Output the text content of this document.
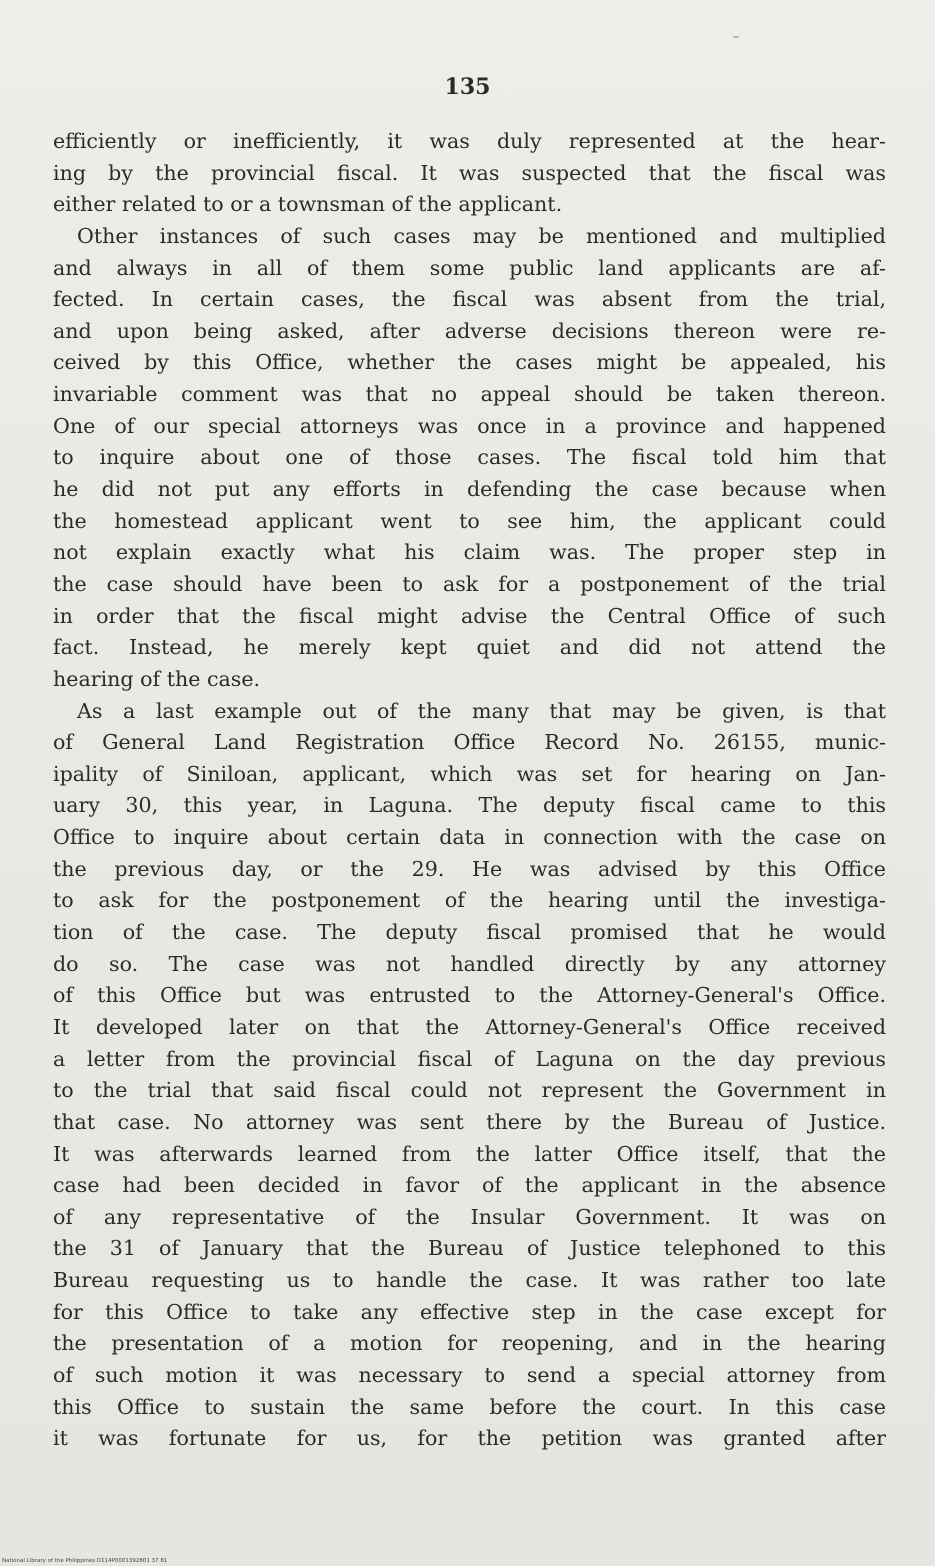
135
efficiently or inefficiently, it was duly represented at the hear-
ing by the provincial fiscal. It was suspected that the fiscal was
either related to or a townsman of the applicant.
Other instances of such cases may be mentioned and multiplied
and always in all of them some public land applicants are af-
fected. In certain cases, the fiscal was absent from the trial,
and upon being asked, after adverse decisions thereon were re-
ceived by this Office, whether the cases might be appealed, his
invariable comment was that no appeal should be taken thereon.
One of our special attorneys was once in a province and happened
to inquire about one of those cases. The fiscal told him that
he did not put any efforts in defending the case because when
the homestead applicant went to see him, the applicant could
not explain exactly what his claim was. The proper step in
the case should have been to ask for a postponement of the trial
in order that the fiscal might advise the Central Office of such
fact. Instead, he merely kept quiet and did not attend the
hearing of the case.
As a last example out of the many that may be given, is that
of General Land Registration Office Record No. 26155, munic-
ipality of Siniloan, applicant, which was set for hearing on Jan-
uary 30, this year, in Laguna. The deputy fiscal came to this
Office to inquire about certain data in connection with the case on
the previous day, or the 29. He was advised by this Office
to ask for the postponement of the hearing until the investiga-
tion of the case. The deputy fiscal promised that he would
do so. The case was not handled directly by any attorney
of this Office but was entrusted to the Attorney-General's Office.
It developed later on that the Attorney-General's Office received
a letter from the provincial fiscal of Laguna on the day previous
to the trial that said fiscal could not represent the Government in
that case. No attorney was sent there by the Bureau of Justice.
It was afterwards learned from the latter Office itself, that the
case had been decided in favor of the applicant in the absence
of any representative of the Insular Government. It was on
the 31 of January that the Bureau of Justice telephoned to this
Bureau requesting us to handle the case. It was rather too late
for this Office to take any effective step in the case except for
the presentation of a motion for reopening, and in the hearing
of such motion it was necessary to send a special attorney from
this Office to sustain the same before the court. In this case
it was fortunate for us, for the petition was granted after
National Library of the Philippines D114P0001392801 37 81
